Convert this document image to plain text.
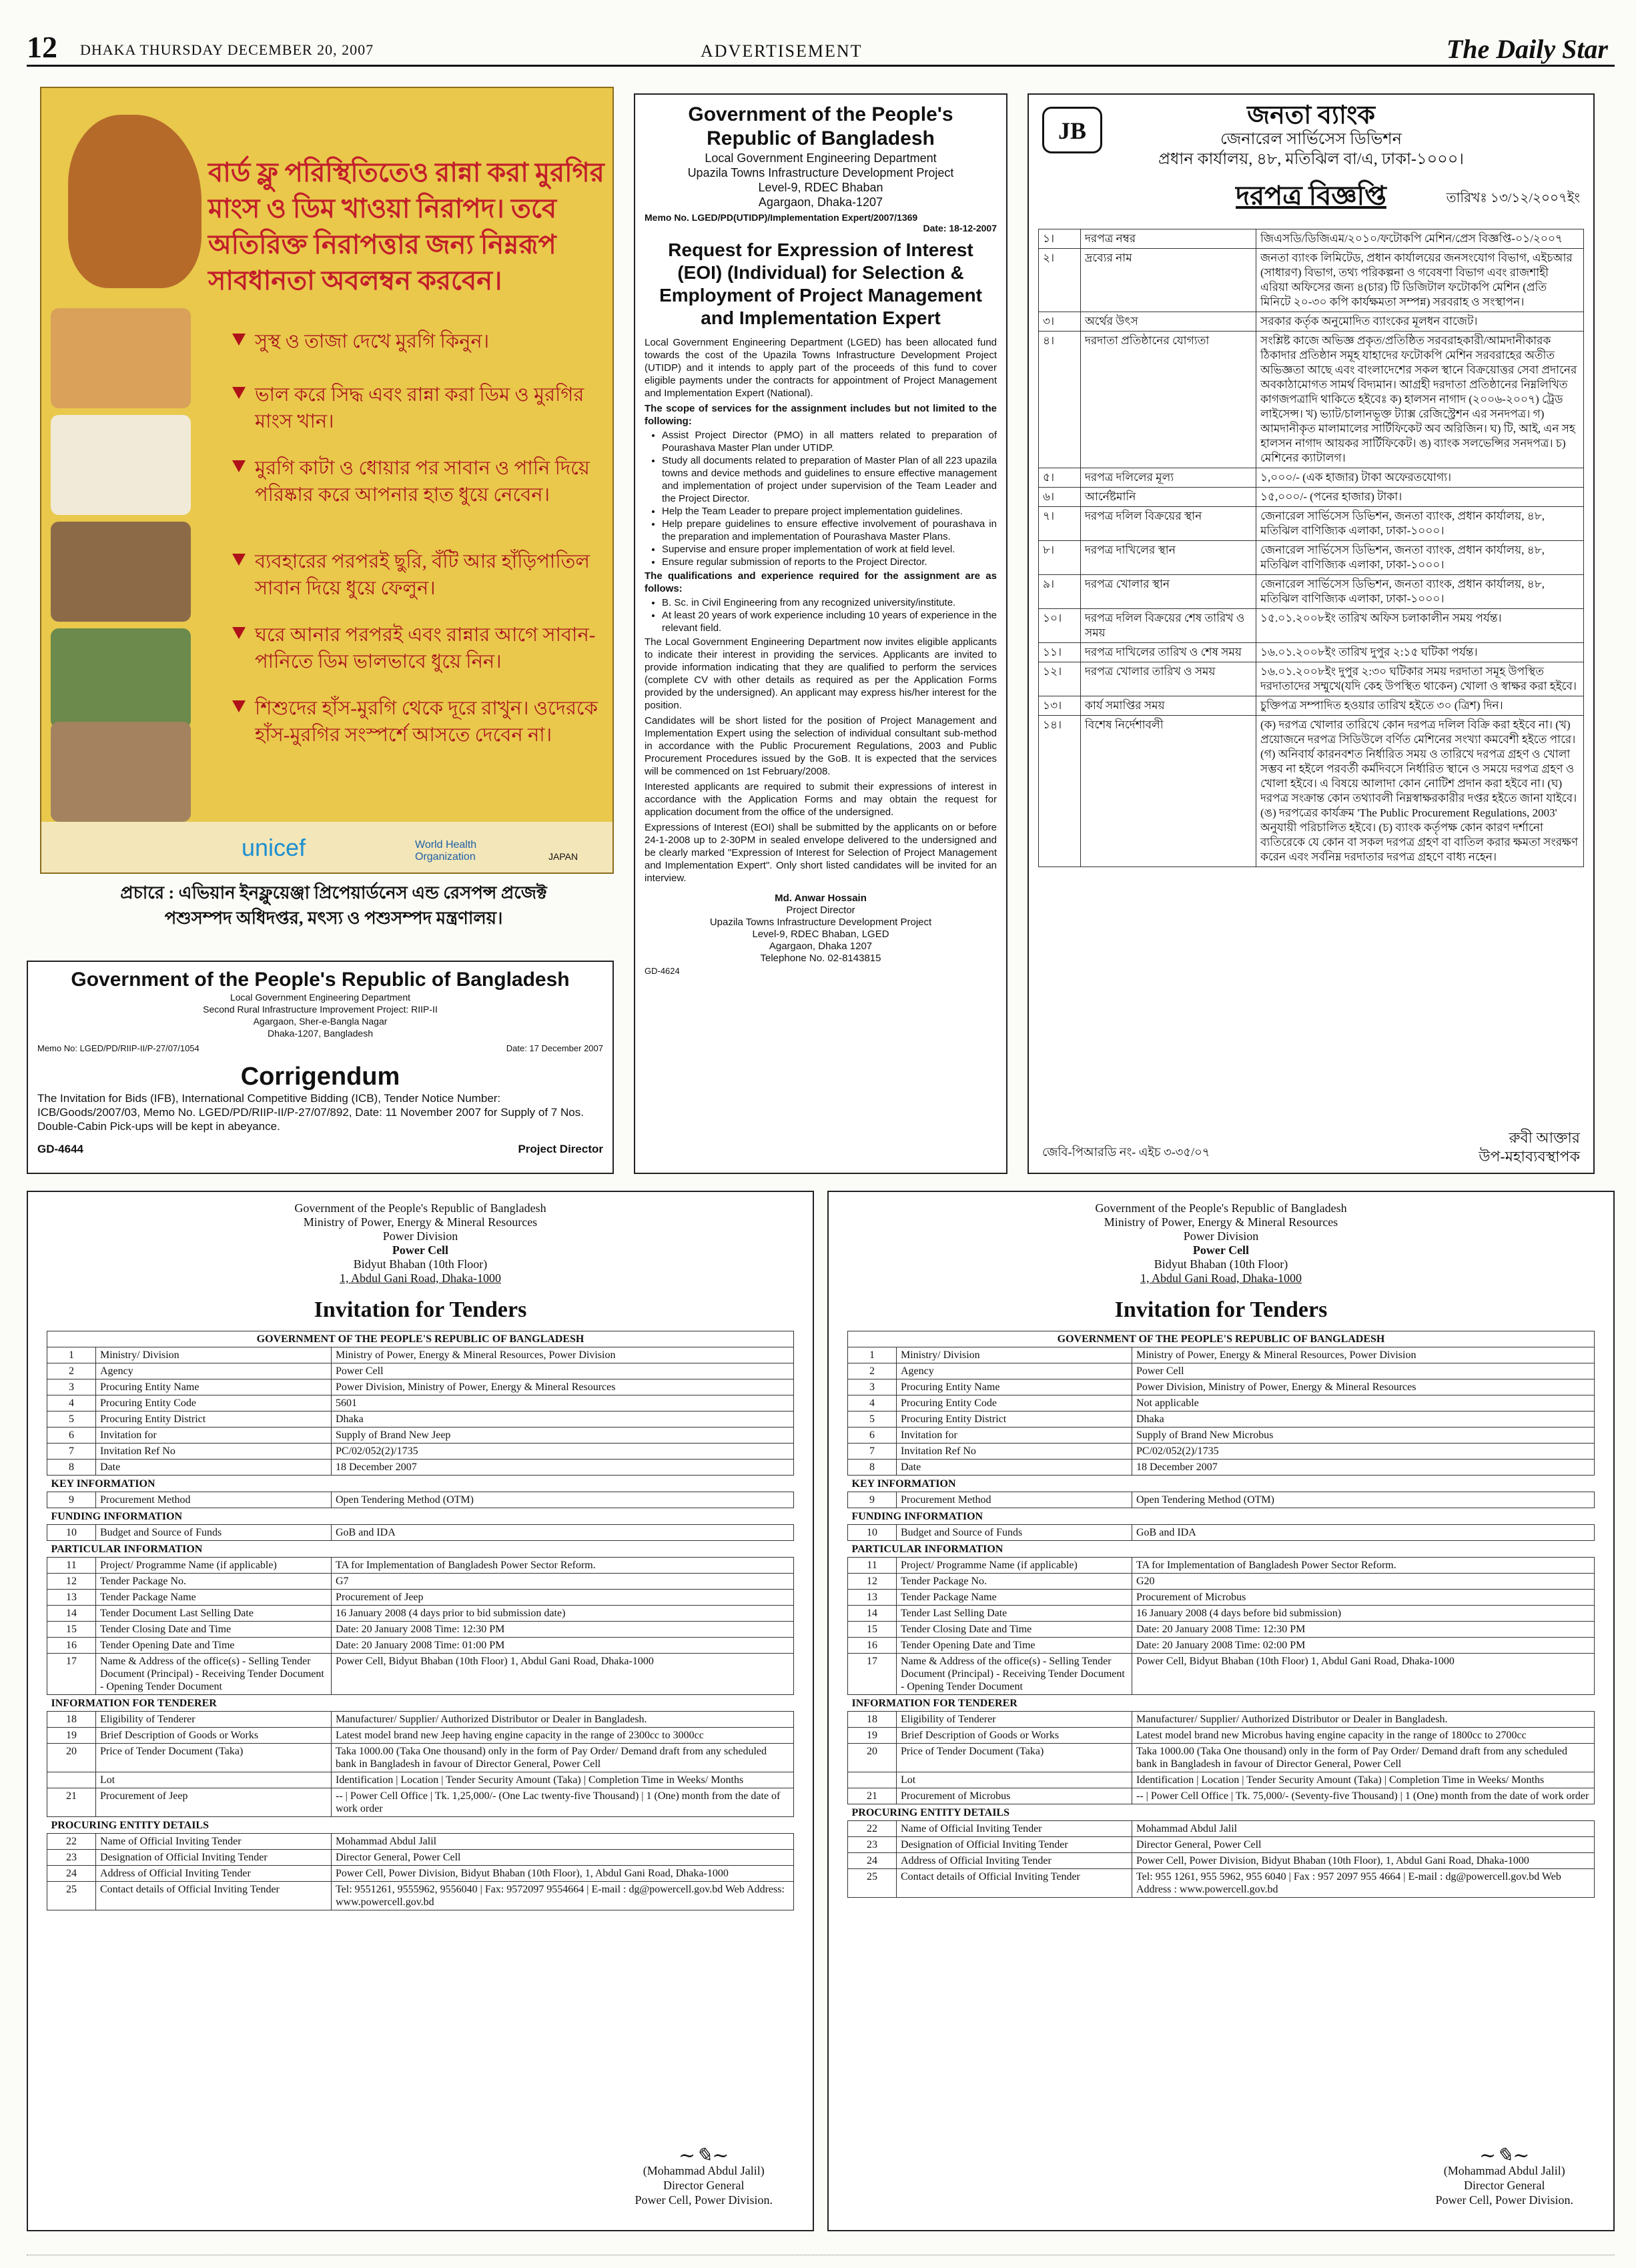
12 DHAKA THURSDAY DECEMBER 20, 2007	ADVERTISEMENT	The Daily Star
বার্ড ফ্লু পরিস্থিতিতেও রান্না করা মুরগির মাংস ও ডিম খাওয়া নিরাপদ। তবে অতিরিক্ত নিরাপত্তার জন্য নিম্নরূপ সাবধানতা অবলম্বন করবেন।
সুস্থ ও তাজা দেখে মুরগি কিনুন।
ভাল করে সিদ্ধ এবং রান্না করা ডিম ও মুরগির মাংস খান।
মুরগি কাটা ও ধোয়ার পর সাবান ও পানি দিয়ে পরিষ্কার করে আপনার হাত ধুয়ে নেবেন।
ব্যবহারের পরপরই ছুরি, বঁটি আর হাঁড়িপাতিল সাবান দিয়ে ধুয়ে ফেলুন।
ঘরে আনার পরপরই এবং রান্নার আগে সাবান-পানিতে ডিম ভালভাবে ধুয়ে নিন।
শিশুদের হাঁস-মুরগি থেকে দূরে রাখুন। ওদেরকে হাঁস-মুরগির সংস্পর্শে আসতে দেবেন না।
unicef	World Health Organization	JAPAN
প্রচারে : এভিয়ান ইনফ্লুয়েঞ্জা প্রিপেয়ার্ডনেস এন্ড রেসপন্স প্রজেক্ট
পশুসম্পদ অধিদপ্তর, মৎস্য ও পশুসম্পদ মন্ত্রণালয়।
Government of the People's Republic of Bangladesh
Local Government Engineering Department
Upazila Towns Infrastructure Development Project
Level-9, RDEC Bhaban
Agargaon, Dhaka-1207
Memo No. LGED/PD(UTIDP)/Implementation Expert/2007/1369
Date: 18-12-2007
Request for Expression of Interest (EOI) (Individual) for Selection & Employment of Project Management and Implementation Expert
Local Government Engineering Department (LGED) has been allocated fund towards the cost of the Upazila Towns Infrastructure Development Project (UTIDP) and it intends to apply part of the proceeds of this fund to cover eligible payments under the contracts for appointment of Project Management and Implementation Expert (National).
The scope of services for the assignment includes but not limited to the following:
• Assist Project Director (PMO) in all matters related to preparation of Pourashava Master Plan under UTIDP.
• Study all documents related to preparation of Master Plan of all 223 upazila towns and device methods and guidelines to ensure effective management and implementation of project under supervision of the Team Leader and the Project Director.
• Help the Team Leader to prepare project implementation guidelines.
• Help prepare guidelines to ensure effective involvement of pourashava in the preparation and implementation of Pourashava Master Plans.
• Supervise and ensure proper implementation of work at field level.
• Ensure regular submission of reports to the Project Director.
The qualifications and experience required for the assignment are as follows:
• B. Sc. in Civil Engineering from any recognized university/institute.
• At least 20 years of work experience including 10 years of experience in the relevant field.
The Local Government Engineering Department now invites eligible applicants to indicate their interest in providing the services. Applicants are invited to provide information indicating that they are qualified to perform the services (complete CV with other details as required as per the Application Forms provided by the undersigned). An applicant may express his/her interest for the position.
Candidates will be short listed for the position of Project Management and Implementation Expert using the selection of individual consultant sub-method in accordance with the Public Procurement Regulations, 2003 and Public Procurement Procedures issued by the GoB. It is expected that the services will be commenced on 1st February/2008.
Interested applicants are required to submit their expressions of interest in accordance with the Application Forms and may obtain the request for application document from the office of the undersigned.
Expressions of Interest (EOI) shall be submitted by the applicants on or before 24-1-2008 up to 2-30PM in sealed envelope delivered to the undersigned and be clearly marked "Expression of Interest for Selection of Project Management and Implementation Expert". Only short listed candidates will be invited for an interview.
Md. Anwar Hossain
Project Director
Upazila Towns Infrastructure Development Project
Level-9, RDEC Bhaban, LGED
Agargaon, Dhaka 1207
Telephone No. 02-8143815
GD-4624
JB
জনতা ব্যাংক
জেনারেল সার্ভিসেস ডিভিশন
প্রধান কার্যালয়, ৪৮, মতিঝিল বা/এ, ঢাকা-১০০০।
দরপত্র বিজ্ঞপ্তি	তারিখঃ ১৩/১২/২০০৭ইং
১।	দরপত্র নম্বর	জিএসডি/ডিজিএম/২০১০/ফটোকপি মেশিন/প্রেস বিজ্ঞপ্তি-০১/২০০৭
২।	দ্রব্যের নাম	জনতা ব্যাংক লিমিটেড, প্রধান কার্যালয়ের জনসংযোগ বিভাগ, এইচআর (সাধারণ) বিভাগ, তথ্য পরিকল্পনা ও গবেষণা বিভাগ এবং রাজশাহী এরিয়া অফিসের জন্য ৪(চার) টি ডিজিটাল ফটোকপি মেশিন (প্রতি মিনিটে ২০-৩০ কপি কার্যক্ষমতা সম্পন্ন) সরবরাহ ও সংস্থাপন।
৩।	অর্থের উৎস	সরকার কর্তৃক অনুমোদিত ব্যাংকের মূলধন বাজেট।
৪।	দরদাতা প্রতিষ্ঠানের যোগ্যতা	সংশ্লিষ্ট কাজে অভিজ্ঞ প্রকৃত/প্রতিষ্ঠিত সরবরাহকারী/আমদানীকারক ঠিকাদার প্রতিষ্ঠান সমূহ যাহাদের ফটোকপি মেশিন সরবরাহের অতীত অভিজ্ঞতা আছে এবং বাংলাদেশের সকল স্থানে বিক্রয়োত্তর সেবা প্রদানের অবকাঠামোগত সামর্থ বিদ্যমান। আগ্রহী দরদাতা প্রতিষ্ঠানের নিম্নলিখিত কাগজপত্রাদি থাকিতে হইবেঃ ক) হালসন নাগাদ (২০০৬-২০০৭) ট্রেড লাইসেন্স। খ) ভ্যাট/চালানভূক্ত ট্যাক্স রেজিস্ট্রেশন এর সনদপত্র। গ) আমদানীকৃত মালামালের সার্টিফিকেট অব অরিজিন। ঘ) টি, আই, এন সহ হালসন নাগাদ আয়কর সার্টিফিকেট। ঙ) ব্যাংক সলভেন্সির সনদপত্র। চ) মেশিনের ক্যাটালগ।
৫।	দরপত্র দলিলের মূল্য	১,০০০/- (এক হাজার) টাকা অফেরতযোগ্য।
৬।	আর্নেষ্টমানি	১৫,০০০/- (পনের হাজার) টাকা।
৭।	দরপত্র দলিল বিক্রয়ের স্থান	জেনারেল সার্ভিসেস ডিভিশন, জনতা ব্যাংক, প্রধান কার্যালয়, ৪৮, মতিঝিল বাণিজ্যিক এলাকা, ঢাকা-১০০০।
৮।	দরপত্র দাখিলের স্থান	জেনারেল সার্ভিসেস ডিভিশন, জনতা ব্যাংক, প্রধান কার্যালয়, ৪৮, মতিঝিল বাণিজ্যিক এলাকা, ঢাকা-১০০০।
৯।	দরপত্র খোলার স্থান	জেনারেল সার্ভিসেস ডিভিশন, জনতা ব্যাংক, প্রধান কার্যালয়, ৪৮, মতিঝিল বাণিজ্যিক এলাকা, ঢাকা-১০০০।
১০।	দরপত্র দলিল বিক্রয়ের শেষ তারিখ ও সময়	১৫.০১.২০০৮ইং তারিখ অফিস চলাকালীন সময় পর্যন্ত।
১১।	দরপত্র দাখিলের তারিখ ও শেষ সময়	১৬.০১.২০০৮ইং তারিখ দুপুর ২:১৫ ঘটিকা পর্যন্ত।
১২।	দরপত্র খোলার তারিখ ও সময়	১৬.০১.২০০৮ইং দুপুর ২:৩০ ঘটিকার সময় দরদাতা সমূহ উপস্থিত দরদাতাদের সম্মুখে(যদি কেহ উপস্থিত থাকেন) খোলা ও স্বাক্ষর করা হইবে।
১৩।	কার্য সমাপ্তির সময়	চুক্তিপত্র সম্পাদিত হওয়ার তারিখ হইতে ৩০ (ত্রিশ) দিন।
১৪।	বিশেষ নির্দেশাবলী	(ক) দরপত্র খোলার তারিখে কোন দরপত্র দলিল বিক্রি করা হইবে না। (খ) প্রয়োজনে দরপত্র সিডিউলে বর্ণিত মেশিনের সংখ্যা কমবেশী হইতে পারে। (গ) অনিবার্য কারনবশত নির্ধারিত সময় ও তারিখে দরপত্র গ্রহণ ও খোলা সম্ভব না হইলে পরবর্তী কর্মদিবসে নির্ধারিত স্থানে ও সময়ে দরপত্র গ্রহণ ও খোলা হইবে। এ বিষয়ে আলাদা কোন নোটিশ প্রদান করা হইবে না। (ঘ) দরপত্র সংক্রান্ত কোন তথ্যাবলী নিম্নস্বাক্ষরকারীর দপ্তর হইতে জানা যাইবে। (ঙ) দরপত্রের কার্যক্রম 'The Public Procurement Regulations, 2003' অনুযায়ী পরিচালিত হইবে। (চ) ব্যাংক কর্তৃপক্ষ কোন কারণ দর্শানো ব্যতিরেকে যে কোন বা সকল দরপত্র গ্রহণ বা বাতিল করার ক্ষমতা সংরক্ষণ করেন এবং সর্বনিম্ন দরদাতার দরপত্র গ্রহণে বাধ্য নহেন।
জেবি-পিআরডি নং- এইচ ৩-৩৫/০৭
রুবী আক্তার
উপ-মহাব্যবস্থাপক
Government of the People's Republic of Bangladesh
Local Government Engineering Department
Second Rural Infrastructure Improvement Project: RIIP-II
Agargaon, Sher-e-Bangla Nagar
Dhaka-1207, Bangladesh
Memo No: LGED/PD/RIIP-II/P-27/07/1054	Date: 17 December 2007
Corrigendum
The Invitation for Bids (IFB), International Competitive Bidding (ICB), Tender Notice Number: ICB/Goods/2007/03, Memo No. LGED/PD/RIIP-II/P-27/07/892, Date: 11 November 2007 for Supply of 7 Nos. Double-Cabin Pick-ups will be kept in abeyance.
GD-4644	Project Director
Government of the People's Republic of Bangladesh
Ministry of Power, Energy & Mineral Resources
Power Division
Power Cell
Bidyut Bhaban (10th Floor)
1, Abdul Gani Road, Dhaka-1000
Invitation for Tenders
GOVERNMENT OF THE PEOPLE'S REPUBLIC OF BANGLADESH		
1	Ministry/ Division	Ministry of Power, Energy & Mineral Resources, Power Division
2	Agency	Power Cell
3	Procuring Entity Name	Power Division, Ministry of Power, Energy & Mineral Resources
4	Procuring Entity Code	5601
5	Procuring Entity District	Dhaka
6	Invitation for	Supply of Brand New Jeep
7	Invitation Ref No	PC/02/052(2)/1735
8	Date	18 December 2007
KEY INFORMATION		
9	Procurement Method	Open Tendering Method (OTM)
FUNDING INFORMATION		
10	Budget and Source of Funds	GoB and IDA
PARTICULAR INFORMATION		
11	Project/ Programme Name (if applicable)	TA for Implementation of Bangladesh Power Sector Reform.
12	Tender Package No.	G7
13	Tender Package Name	Procurement of Jeep
14	Tender Document Last Selling Date	16 January 2008 (4 days prior to bid submission date)
15	Tender Closing Date and Time	Date: 20 January 2008 Time: 12:30 PM
16	Tender Opening Date and Time	Date: 20 January 2008 Time: 01:00 PM
17	Name & Address of the office(s) - Selling Tender Document (Principal) - Receiving Tender Document - Opening Tender Document	Power Cell, Bidyut Bhaban (10th Floor) 1, Abdul Gani Road, Dhaka-1000
INFORMATION FOR TENDERER		
18	Eligibility of Tenderer	Manufacturer/ Supplier/ Authorized Distributor or Dealer in Bangladesh.
19	Brief Description of Goods or Works	Latest model brand new Jeep having engine capacity in the range of 2300cc to 3000cc
20	Price of Tender Document (Taka)	Taka 1000.00 (Taka One thousand) only in the form of Pay Order/ Demand draft from any scheduled bank in Bangladesh in favour of Director General, Power Cell
	Lot	Identification | Location | Tender Security Amount (Taka) | Completion Time in Weeks/ Months
21	Procurement of Jeep	-- | Power Cell Office | Tk. 1,25,000/- (One Lac twenty-five Thousand) | 1 (One) month from the date of work order
PROCURING ENTITY DETAILS		
22	Name of Official Inviting Tender	Mohammad Abdul Jalil
23	Designation of Official Inviting Tender	Director General, Power Cell
24	Address of Official Inviting Tender	Power Cell, Power Division, Bidyut Bhaban (10th Floor), 1, Abdul Gani Road, Dhaka-1000
25	Contact details of Official Inviting Tender	Tel: 9551261, 9555962, 9556040 | Fax: 9572097 9554664 | E-mail : dg@powercell.gov.bd Web Address: www.powercell.gov.bd
~✎~
(Mohammad Abdul Jalil)
Director General
Power Cell, Power Division.
Government of the People's Republic of Bangladesh
Ministry of Power, Energy & Mineral Resources
Power Division
Power Cell
Bidyut Bhaban (10th Floor)
1, Abdul Gani Road, Dhaka-1000
Invitation for Tenders
GOVERNMENT OF THE PEOPLE'S REPUBLIC OF BANGLADESH		
1	Ministry/ Division	Ministry of Power, Energy & Mineral Resources, Power Division
2	Agency	Power Cell
3	Procuring Entity Name	Power Division, Ministry of Power, Energy & Mineral Resources
4	Procuring Entity Code	Not applicable
5	Procuring Entity District	Dhaka
6	Invitation for	Supply of Brand New Microbus
7	Invitation Ref No	PC/02/052(2)/1735
8	Date	18 December 2007
KEY INFORMATION		
9	Procurement Method	Open Tendering Method (OTM)
FUNDING INFORMATION		
10	Budget and Source of Funds	GoB and IDA
PARTICULAR INFORMATION		
11	Project/ Programme Name (if applicable)	TA for Implementation of Bangladesh Power Sector Reform.
12	Tender Package No.	G20
13	Tender Package Name	Procurement of Microbus
14	Tender Last Selling Date	16 January 2008 (4 days before bid submission)
15	Tender Closing Date and Time	Date: 20 January 2008 Time: 12:30 PM
16	Tender Opening Date and Time	Date: 20 January 2008 Time: 02:00 PM
17	Name & Address of the office(s) - Selling Tender Document (Principal) - Receiving Tender Document - Opening Tender Document	Power Cell, Bidyut Bhaban (10th Floor) 1, Abdul Gani Road, Dhaka-1000
INFORMATION FOR TENDERER		
18	Eligibility of Tenderer	Manufacturer/ Supplier/ Authorized Distributor or Dealer in Bangladesh.
19	Brief Description of Goods or Works	Latest model brand new Microbus having engine capacity in the range of 1800cc to 2700cc
20	Price of Tender Document (Taka)	Taka 1000.00 (Taka One thousand) only in the form of Pay Order/ Demand draft from any scheduled bank in Bangladesh in favour of Director General, Power Cell
	Lot	Identification | Location | Tender Security Amount (Taka) | Completion Time in Weeks/ Months
21	Procurement of Microbus	-- | Power Cell Office | Tk. 75,000/- (Seventy-five Thousand) | 1 (One) month from the date of work order
PROCURING ENTITY DETAILS		
22	Name of Official Inviting Tender	Mohammad Abdul Jalil
23	Designation of Official Inviting Tender	Director General, Power Cell
24	Address of Official Inviting Tender	Power Cell, Power Division, Bidyut Bhaban (10th Floor), 1, Abdul Gani Road, Dhaka-1000
25	Contact details of Official Inviting Tender	Tel: 955 1261, 955 5962, 955 6040 | Fax : 957 2097 955 4664 | E-mail : dg@powercell.gov.bd Web Address : www.powercell.gov.bd
~✎~
(Mohammad Abdul Jalil)
Director General
Power Cell, Power Division.
